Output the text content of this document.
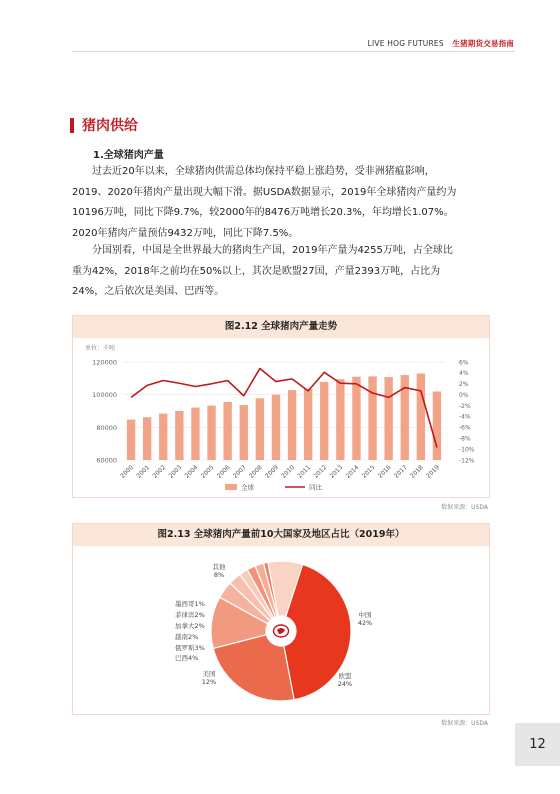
LIVE HOG FUTURES 生猪期货交易指南
猪肉供给
1.全球猪肉产量
过去近20年以来，全球猪肉供需总体均保持平稳上涨趋势，受非洲猪瘟影响，
2019、2020年猪肉产量出现大幅下滑。据USDA数据显示，2019年全球猪肉产量约为
10196万吨，同比下降9.7%，较2000年的8476万吨增长20.3%，年均增长1.07%。
2020年猪肉产量预估9432万吨，同比下降7.5%。
分国别看，中国是全世界最大的猪肉生产国，2019年产量为4255万吨，占全球比
重为42%，2018年之前均在50%以上，其次是欧盟27国，产量2393万吨，占比为
24%，之后依次是美国、巴西等。
图2.12 全球猪肉产量走势
单位：千吨
120000
100000
80000
60000
6%
4%
2%
0%
-2%
-4%
-6%
-8%
-10%
-12%
2000 2001 2002 2003 2004 2005 2006 2007 2008 2009 2010 2011 2012 2013 2014 2015 2016 2017 2018 2019
全球	同比
数据来源：USDA
图2.13 全球猪肉产量前10大国家及地区占比（2019年）
中国
42%
欧盟
24%
美国
12%
巴西4%
俄罗斯3%
越南2%
加拿大2%
菲律宾2%
墨西哥1%
其他
8%
数据来源：USDA
12
